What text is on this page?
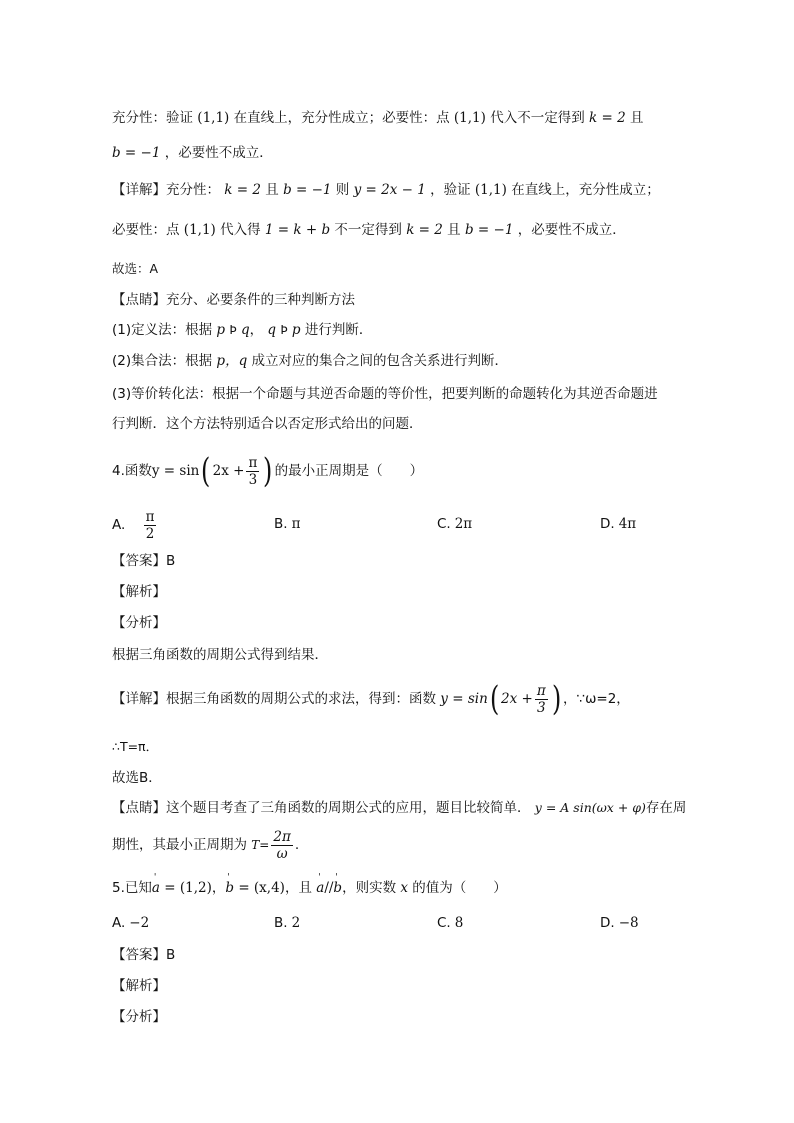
充分性：验证 (1,1) 在直线上，充分性成立；必要性：点 (1,1) 代入不一定得到 k = 2 且
b = −1 ，必要性不成立．
【详解】充分性： k = 2 且 b = −1 则 y = 2x − 1 ，验证 (1,1) 在直线上，充分性成立；
必要性：点 (1,1) 代入得 1 = k + b 不一定得到 k = 2 且 b = −1 ，必要性不成立．
故选：A
【点睛】充分、必要条件的三种判断方法
(1)定义法：根据 p Þ q， q Þ p 进行判断．
(2)集合法：根据 p，q 成立对应的集合之间的包含关系进行判断．
(3)等价转化法：根据一个命题与其逆否命题的等价性，把要判断的命题转化为其逆否命题进
行判断．这个方法特别适合以否定形式给出的问题．
4.函数y = sin( $2x + \frac{\pi}{3}$ ) 的最小正周期是（　　）
A. $\frac{\pi}{2}$	B. π	C. 2π	D. 4π
【答案】B
【解析】
【分析】
根据三角函数的周期公式得到结果．
【详解】根据三角函数的周期公式的求法，得到：函数 y = sin( $2x + \frac{\pi}{3}$ ) ，∵ω=2，
∴T=π．
故选B．
【点睛】这个题目考查了三角函数的周期公式的应用，题目比较简单． y = A sin(ωx + φ)存在周
期性，其最小正周期为 $T= \frac{2\pi}{\omega}$ .
5.已知' a = (1,2)，' b = (x,4)，且 ' a//' b，则实数 x 的值为（　　）
A. −2	B. 2	C. 8	D. −8
【答案】B
【解析】
【分析】
